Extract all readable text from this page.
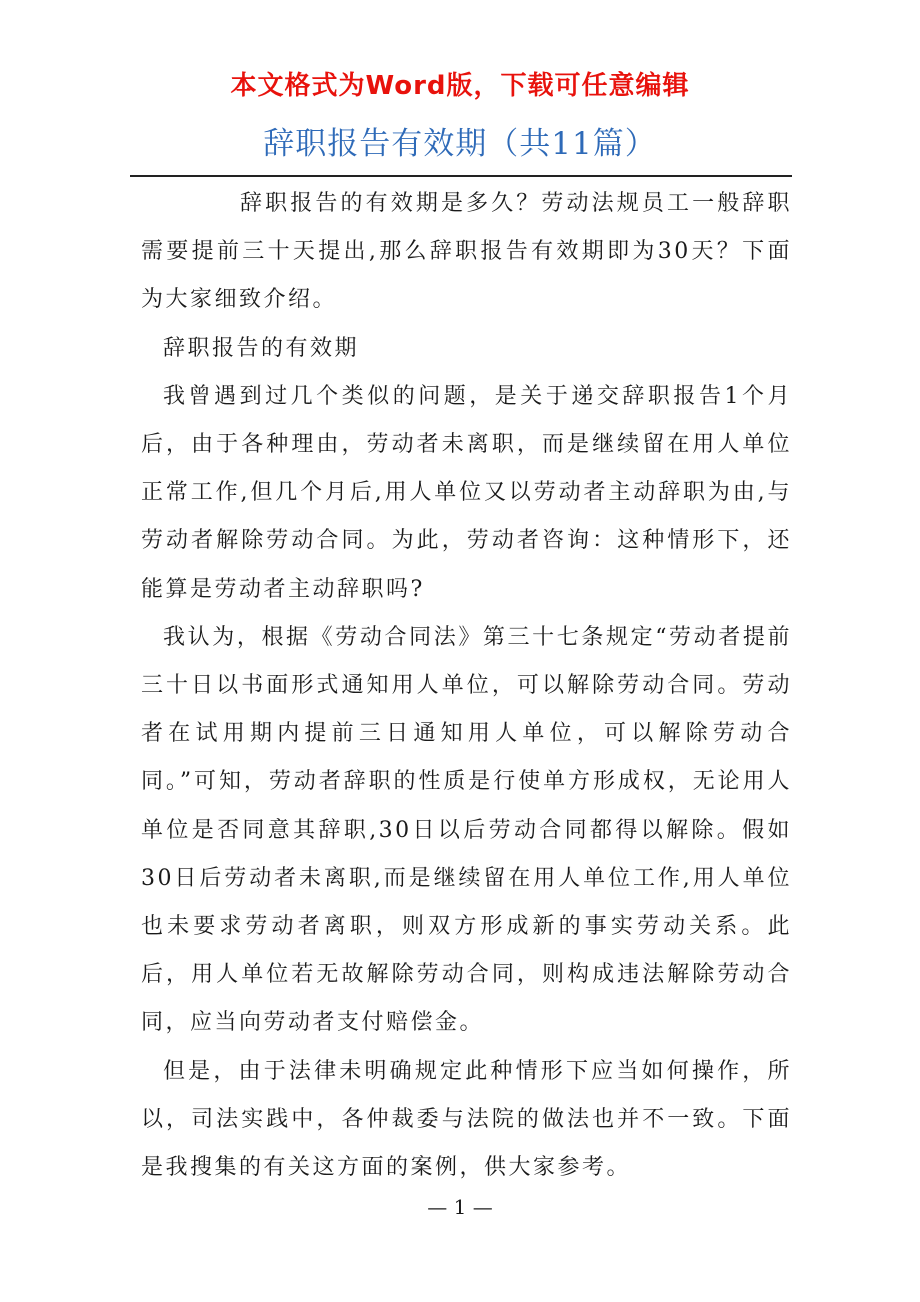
本文格式为Word版，下载可任意编辑
辞职报告有效期（共11篇）

辞职报告的有效期是多久？劳动法规员工一般辞职需要提前三十天提出,那么辞职报告有效期即为30天？下面为大家细致介绍。

辞职报告的有效期

我曾遇到过几个类似的问题，是关于递交辞职报告1个月后，由于各种理由，劳动者未离职，而是继续留在用人单位正常工作,但几个月后,用人单位又以劳动者主动辞职为由,与劳动者解除劳动合同。为此，劳动者咨询：这种情形下，还能算是劳动者主动辞职吗?

我认为，根据《劳动合同法》第三十七条规定“劳动者提前三十日以书面形式通知用人单位，可以解除劳动合同。劳动者在试用期内提前三日通知用人单位，可以解除劳动合同。”可知，劳动者辞职的性质是行使单方形成权，无论用人单位是否同意其辞职,30日以后劳动合同都得以解除。假如30日后劳动者未离职,而是继续留在用人单位工作,用人单位也未要求劳动者离职，则双方形成新的事实劳动关系。此后，用人单位若无故解除劳动合同，则构成违法解除劳动合同，应当向劳动者支付赔偿金。

但是，由于法律未明确规定此种情形下应当如何操作，所以，司法实践中，各仲裁委与法院的做法也并不一致。下面是我搜集的有关这方面的案例，供大家参考。

— 1 —
